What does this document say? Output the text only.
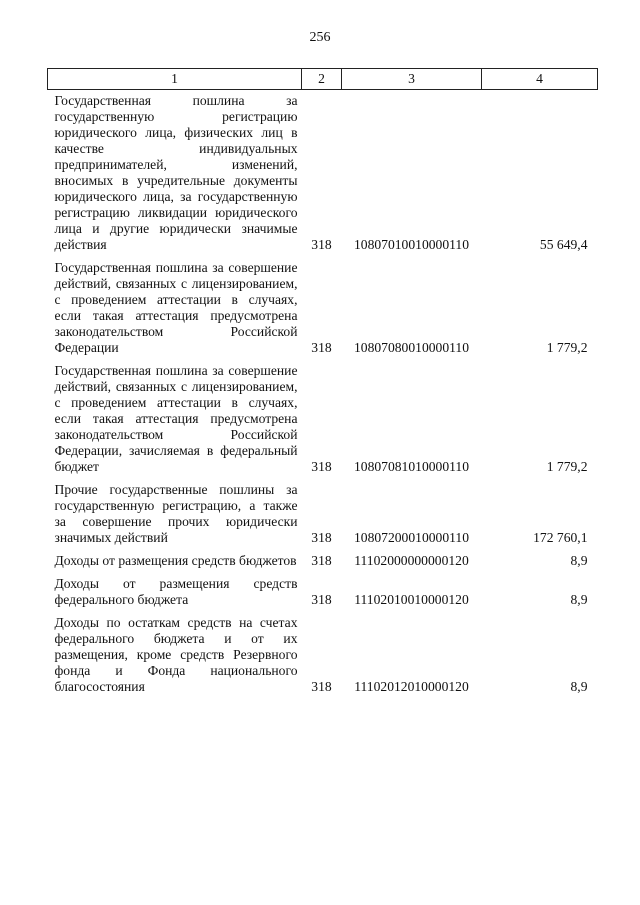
256
1	2	3	4
Государственная пошлина за государственную регистрацию юридического лица, физических лиц в качестве индивидуальных предпринимателей, изменений, вносимых в учредительные документы юридического лица, за государственную регистрацию ликвидации юридического лица и другие юридически значимые действия	318	10807010010000110	55 649,4
Государственная пошлина за совершение действий, связанных с лицензированием, с проведением аттестации в случаях, если такая аттестация предусмотрена законодательством Российской Федерации	318	10807080010000110	1 779,2
Государственная пошлина за совершение действий, связанных с лицензированием, с проведением аттестации в случаях, если такая аттестация предусмотрена законодательством Российской Федерации, зачисляемая в федеральный бюджет	318	10807081010000110	1 779,2
Прочие государственные пошлины за государственную регистрацию, а также за совершение прочих юридически значимых действий	318	10807200010000110	172 760,1
Доходы от размещения средств бюджетов	318	11102000000000120	8,9
Доходы от размещения средств федерального бюджета	318	11102010010000120	8,9
Доходы по остаткам средств на счетах федерального бюджета и от их размещения, кроме средств Резервного фонда и Фонда национального благосостояния	318	11102012010000120	8,9
